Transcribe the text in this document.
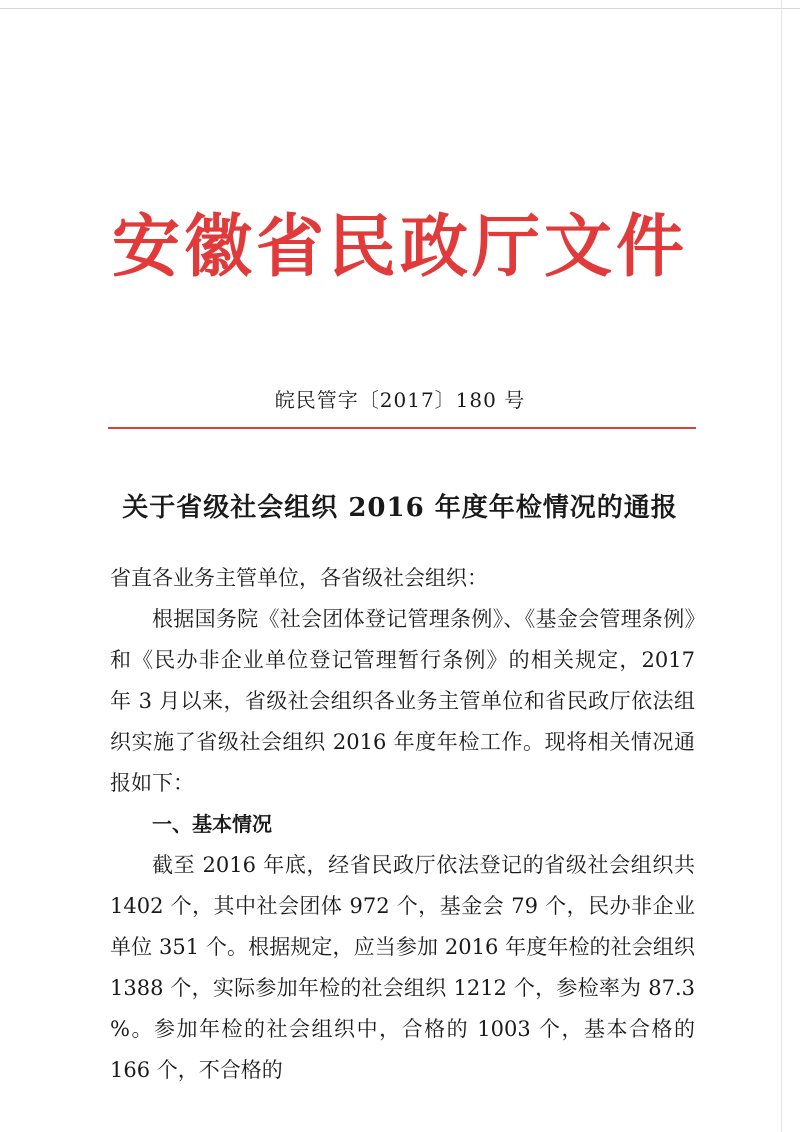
安徽省民政厅文件
皖民管字〔2017〕180 号
关于省级社会组织 2016 年度年检情况的通报

省直各业务主管单位，各省级社会组织：

根据国务院《社会团体登记管理条例》、《基金会管理条例》和《民办非企业单位登记管理暂行条例》的相关规定，2017 年 3 月以来，省级社会组织各业务主管单位和省民政厅依法组织实施了省级社会组织 2016 年度年检工作。现将相关情况通报如下：

一、基本情况

截至 2016 年底，经省民政厅依法登记的省级社会组织共 1402 个，其中社会团体 972 个，基金会 79 个，民办非企业单位 351 个。根据规定，应当参加 2016 年度年检的社会组织 1388 个，实际参加年检的社会组织 1212 个，参检率为 87.3 %。参加年检的社会组织中，合格的 1003 个，基本合格的 166 个，不合格的
